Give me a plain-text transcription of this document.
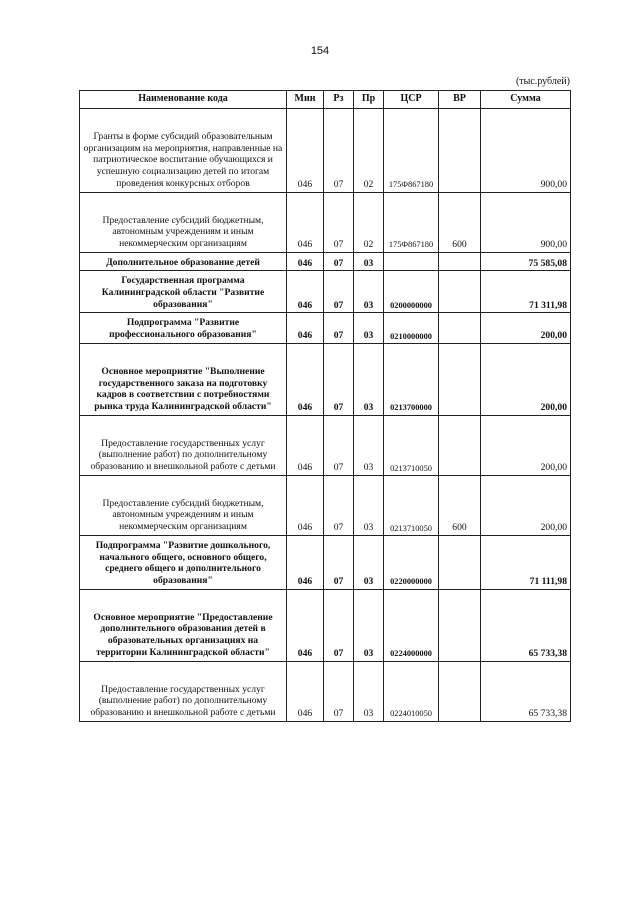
154
(тыс.рублей)
Наименование кода	Мин	Рз	Пр	ЦСР	ВР	Сумма

Гранты в форме субсидий образовательным организациям на мероприятия, направленные на патриотическое воспитание обучающихся и успешную социализацию детей по итогам проведения конкурсных отборов	046	07	02	175Ф867180		900,00

Предоставление субсидий бюджетным, автономным учреждениям и иным некоммерческим организациям	046	07	02	175Ф867180	600	900,00
Дополнительное образование детей	046	07	03			75 585,08
Государственная программа Калининградской области "Развитие образования"	046	07	03	0200000000		71 311,98
Подпрограмма "Развитие профессионального образования"	046	07	03	0210000000		200,00

Основное мероприятие "Выполнение государственного заказа на подготовку кадров в соответствии с потребностями рынка труда Калининградской области"	046	07	03	0213700000		200,00

Предоставление государственных услуг (выполнение работ) по дополнительному образованию и внешкольной работе с детьми	046	07	03	0213710050		200,00

Предоставление субсидий бюджетным, автономным учреждениям и иным некоммерческим организациям	046	07	03	0213710050	600	200,00
Подпрограмма "Развитие дошкольного, начального общего, основного общего, среднего общего и дополнительного образования"	046	07	03	0220000000		71 111,98

Основное мероприятие "Предоставление дополнительного образования детей в образовательных организациях на территории Калининградской области"	046	07	03	0224000000		65 733,38

Предоставление государственных услуг (выполнение работ) по дополнительному образованию и внешкольной работе с детьми	046	07	03	0224010050		65 733,38
